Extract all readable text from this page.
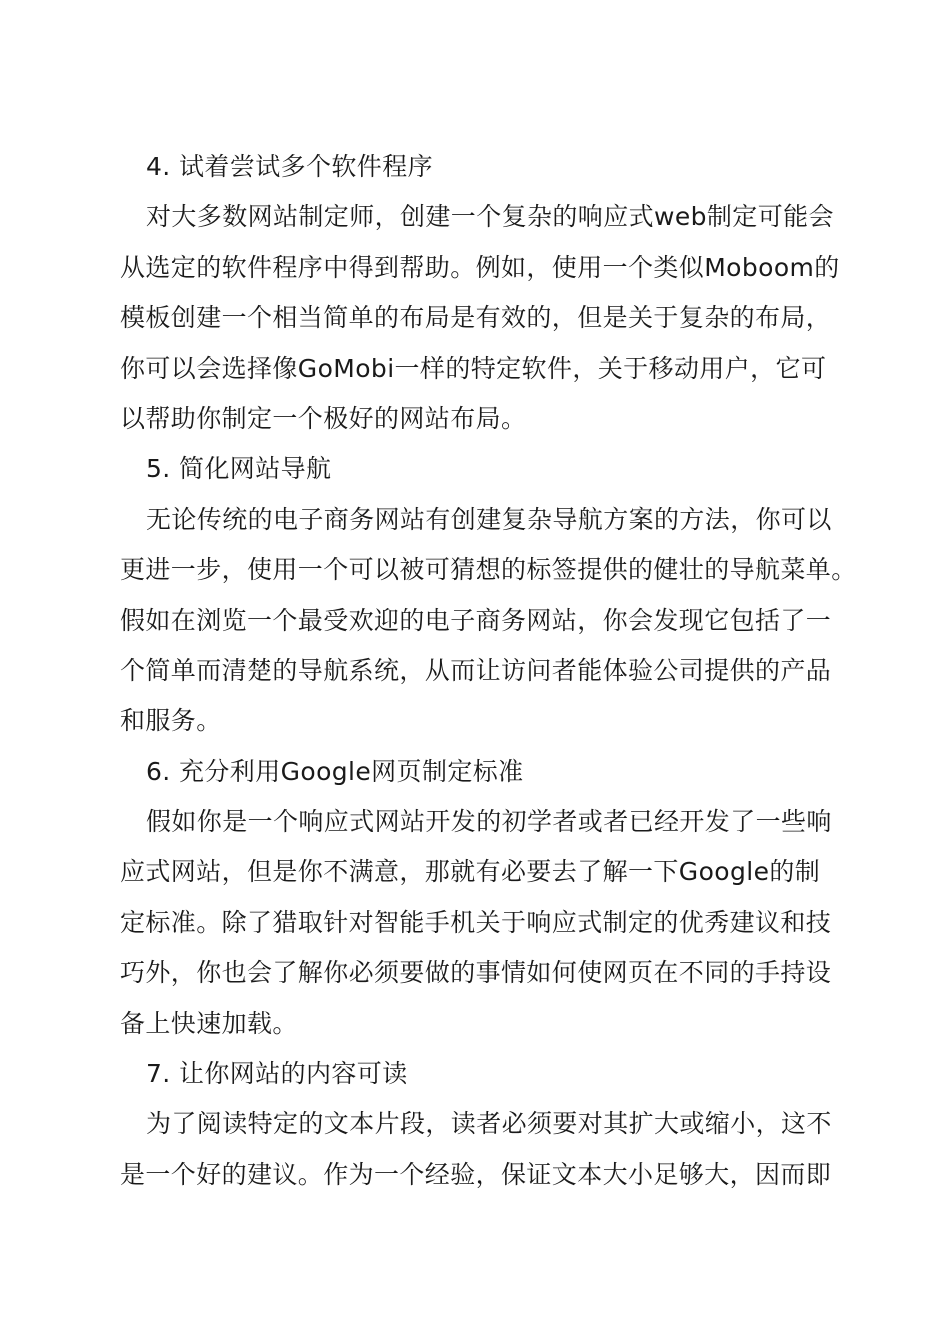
4. 试着尝试多个软件程序
对大多数网站制定师，创建一个复杂的响应式web制定可能会
从选定的软件程序中得到帮助。例如，使用一个类似Moboom的
模板创建一个相当简单的布局是有效的，但是关于复杂的布局，
你可以会选择像GoMobi一样的特定软件，关于移动用户，它可
以帮助你制定一个极好的网站布局。
5. 简化网站导航
无论传统的电子商务网站有创建复杂导航方案的方法，你可以
更进一步，使用一个可以被可猜想的标签提供的健壮的导航菜单。
假如在浏览一个最受欢迎的电子商务网站，你会发现它包括了一
个简单而清楚的导航系统，从而让访问者能体验公司提供的产品
和服务。
6. 充分利用Google网页制定标准
假如你是一个响应式网站开发的初学者或者已经开发了一些响
应式网站，但是你不满意，那就有必要去了解一下Google的制
定标准。除了猎取针对智能手机关于响应式制定的优秀建议和技
巧外，你也会了解你必须要做的事情如何使网页在不同的手持设
备上快速加载。
7. 让你网站的内容可读
为了阅读特定的文本片段，读者必须要对其扩大或缩小，这不
是一个好的建议。作为一个经验，保证文本大小足够大，因而即
